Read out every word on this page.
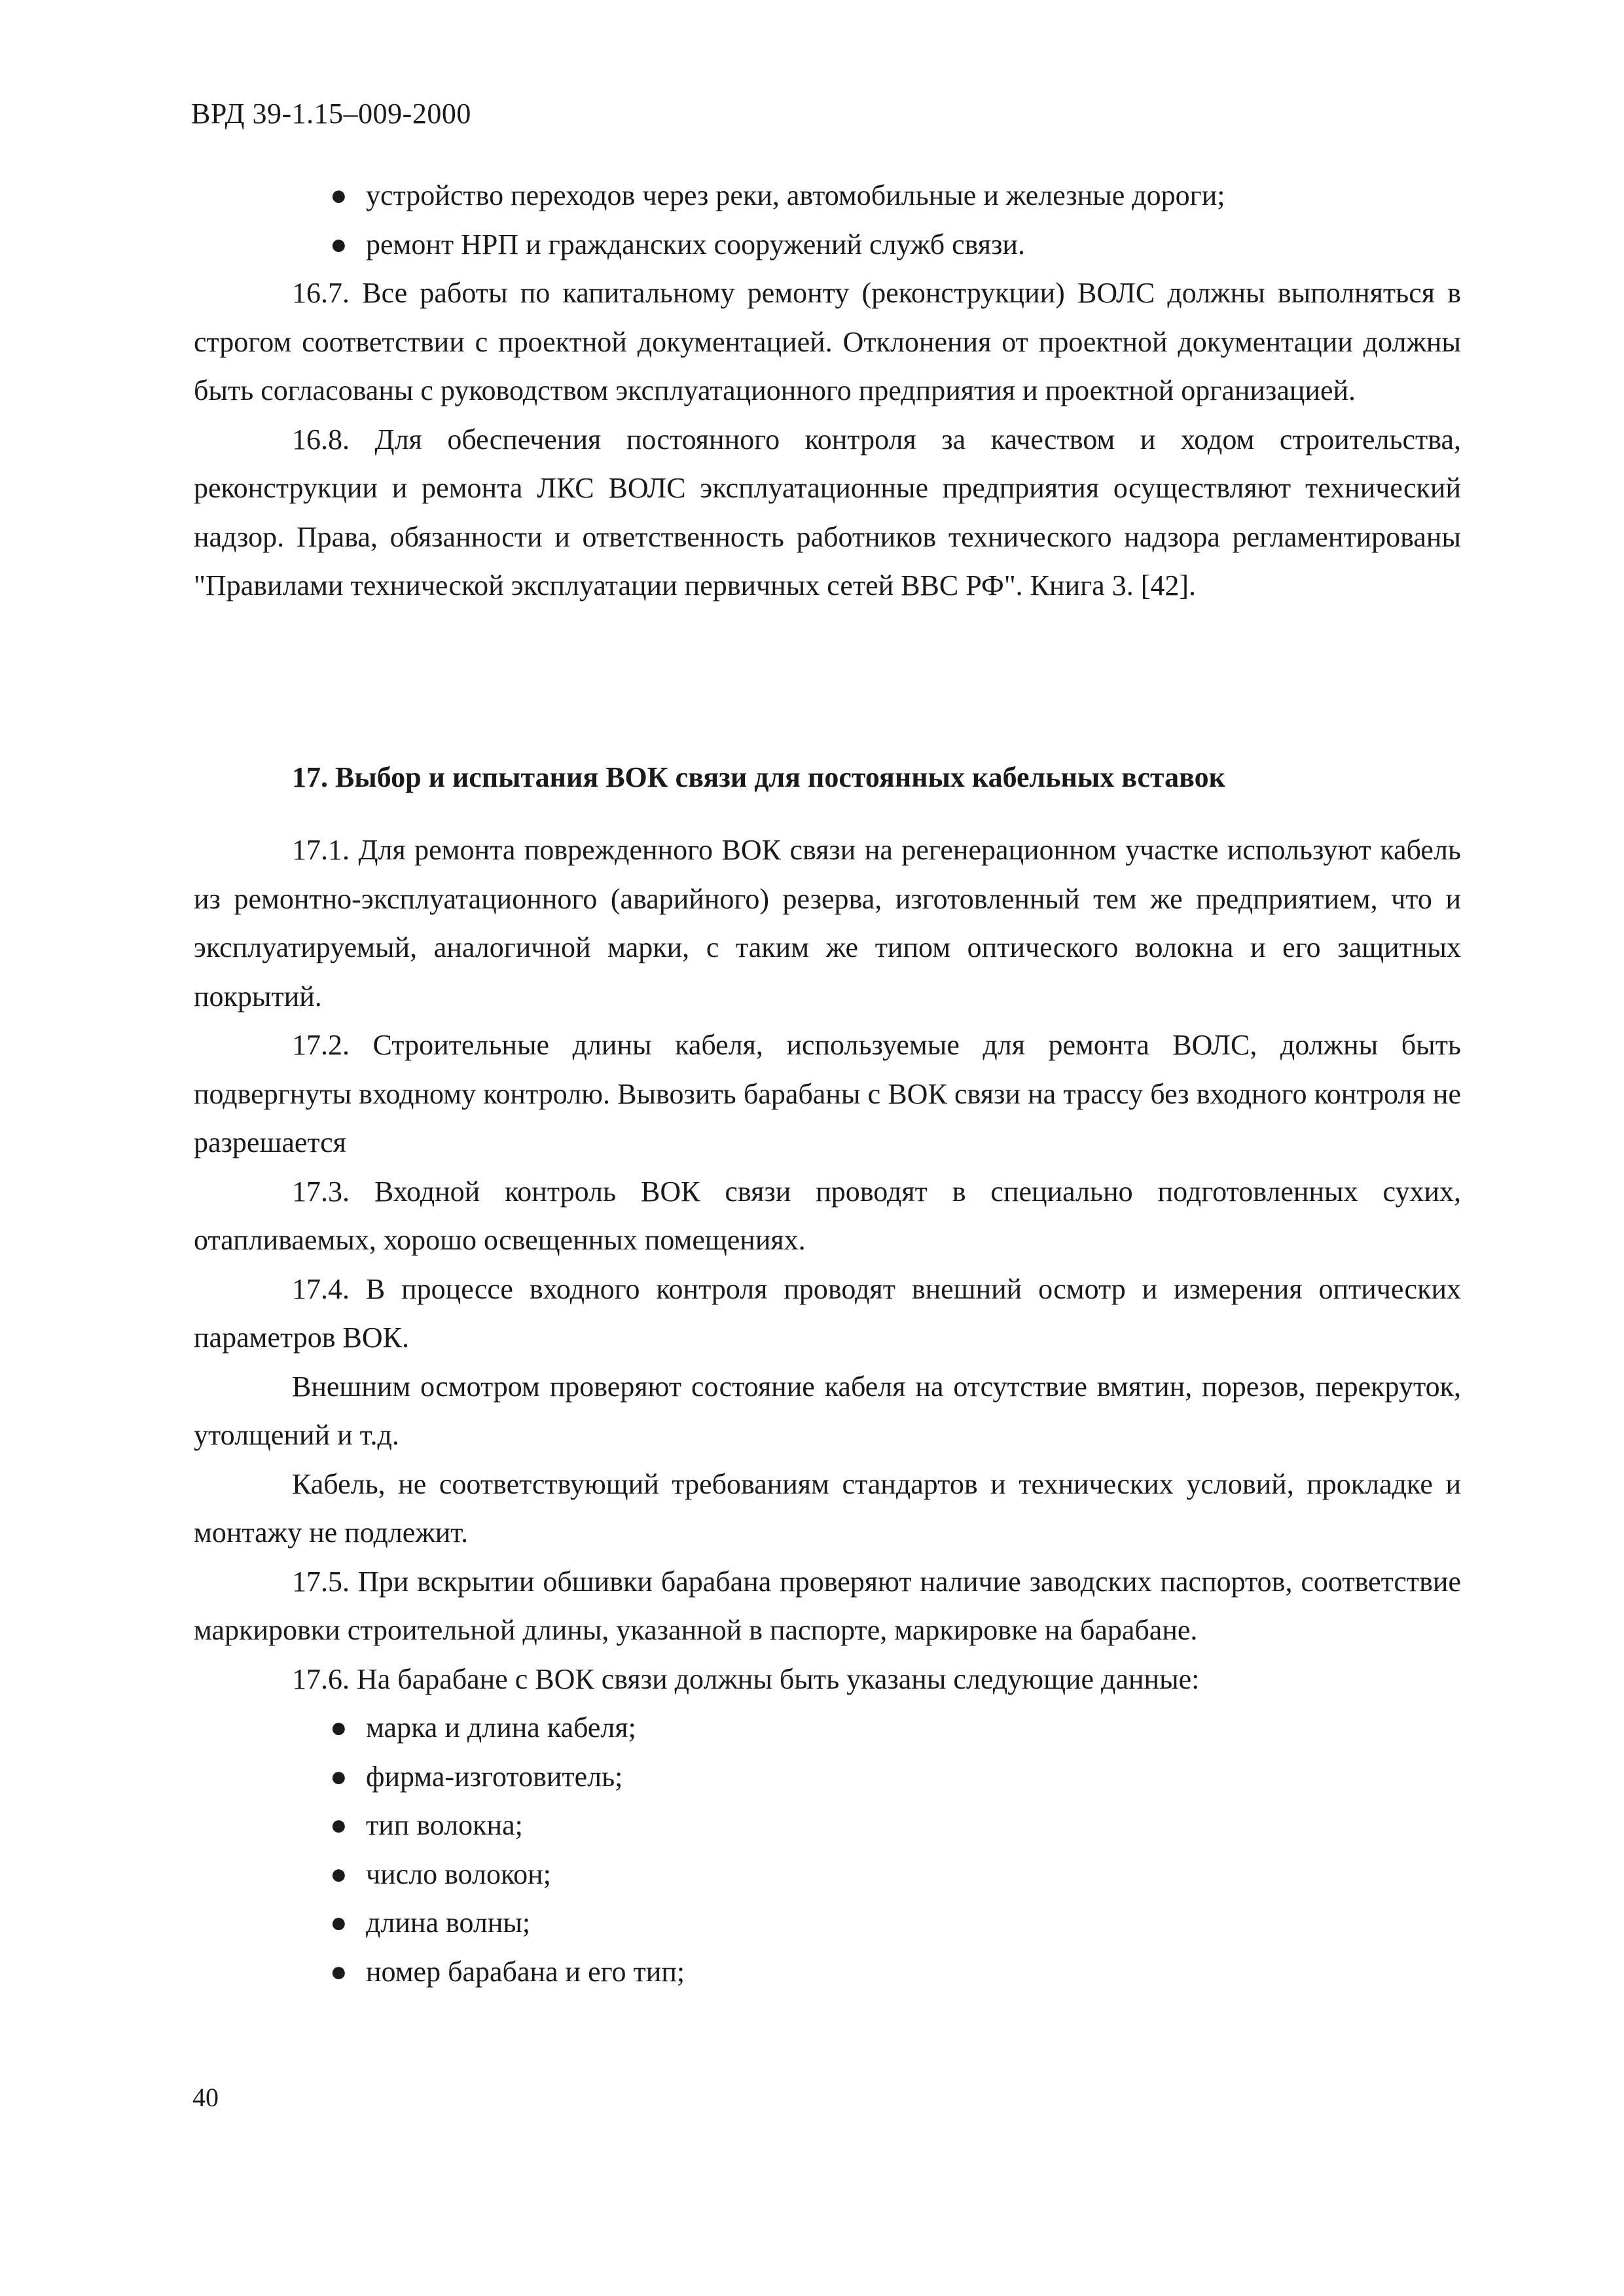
ВРД 39-1.15–009-2000
● устройство переходов через реки, автомобильные и железные дороги;
● ремонт НРП и гражданских сооружений служб связи.

16.7. Все работы по капитальному ремонту (реконструкции) ВОЛС должны выполняться в строгом соответствии с проектной документацией. Отклонения от проектной документации должны быть согласованы с руководством эксплуатационного предприятия и проектной организацией.

16.8. Для обеспечения постоянного контроля за качеством и ходом строительства, реконструкции и ремонта ЛКС ВОЛС эксплуатационные предприятия осуществляют технический надзор. Права, обязанности и ответственность работников технического надзора регламентированы "Правилами технической эксплуатации первичных сетей ВВС РФ". Книга 3. [42].

17. Выбор и испытания ВОК связи для постоянных кабельных вставок

17.1. Для ремонта поврежденного ВОК связи на регенерационном участке используют кабель из ремонтно-эксплуатационного (аварийного) резерва, изготовленный тем же предприятием, что и эксплуатируемый, аналогичной марки, с таким же типом оптического волокна и его защитных покрытий.

17.2. Строительные длины кабеля, используемые для ремонта ВОЛС, должны быть подвергнуты входному контролю. Вывозить барабаны с ВОК связи на трассу без входного контроля не разрешается

17.3. Входной контроль ВОК связи проводят в специально подготовленных сухих, отапливаемых, хорошо освещенных помещениях.

17.4. В процессе входного контроля проводят внешний осмотр и измерения оптических параметров ВОК.

Внешним осмотром проверяют состояние кабеля на отсутствие вмятин, порезов, перекруток, утолщений и т.д.

Кабель, не соответствующий требованиям стандартов и технических условий, прокладке и монтажу не подлежит.

17.5. При вскрытии обшивки барабана проверяют наличие заводских паспортов, соответствие маркировки строительной длины, указанной в паспорте, маркировке на барабане.

17.6. На барабане с ВОК связи должны быть указаны следующие данные:

● марка и длина кабеля;
● фирма-изготовитель;
● тип волокна;
● число волокон;
● длина волны;
● номер барабана и его тип;
40
